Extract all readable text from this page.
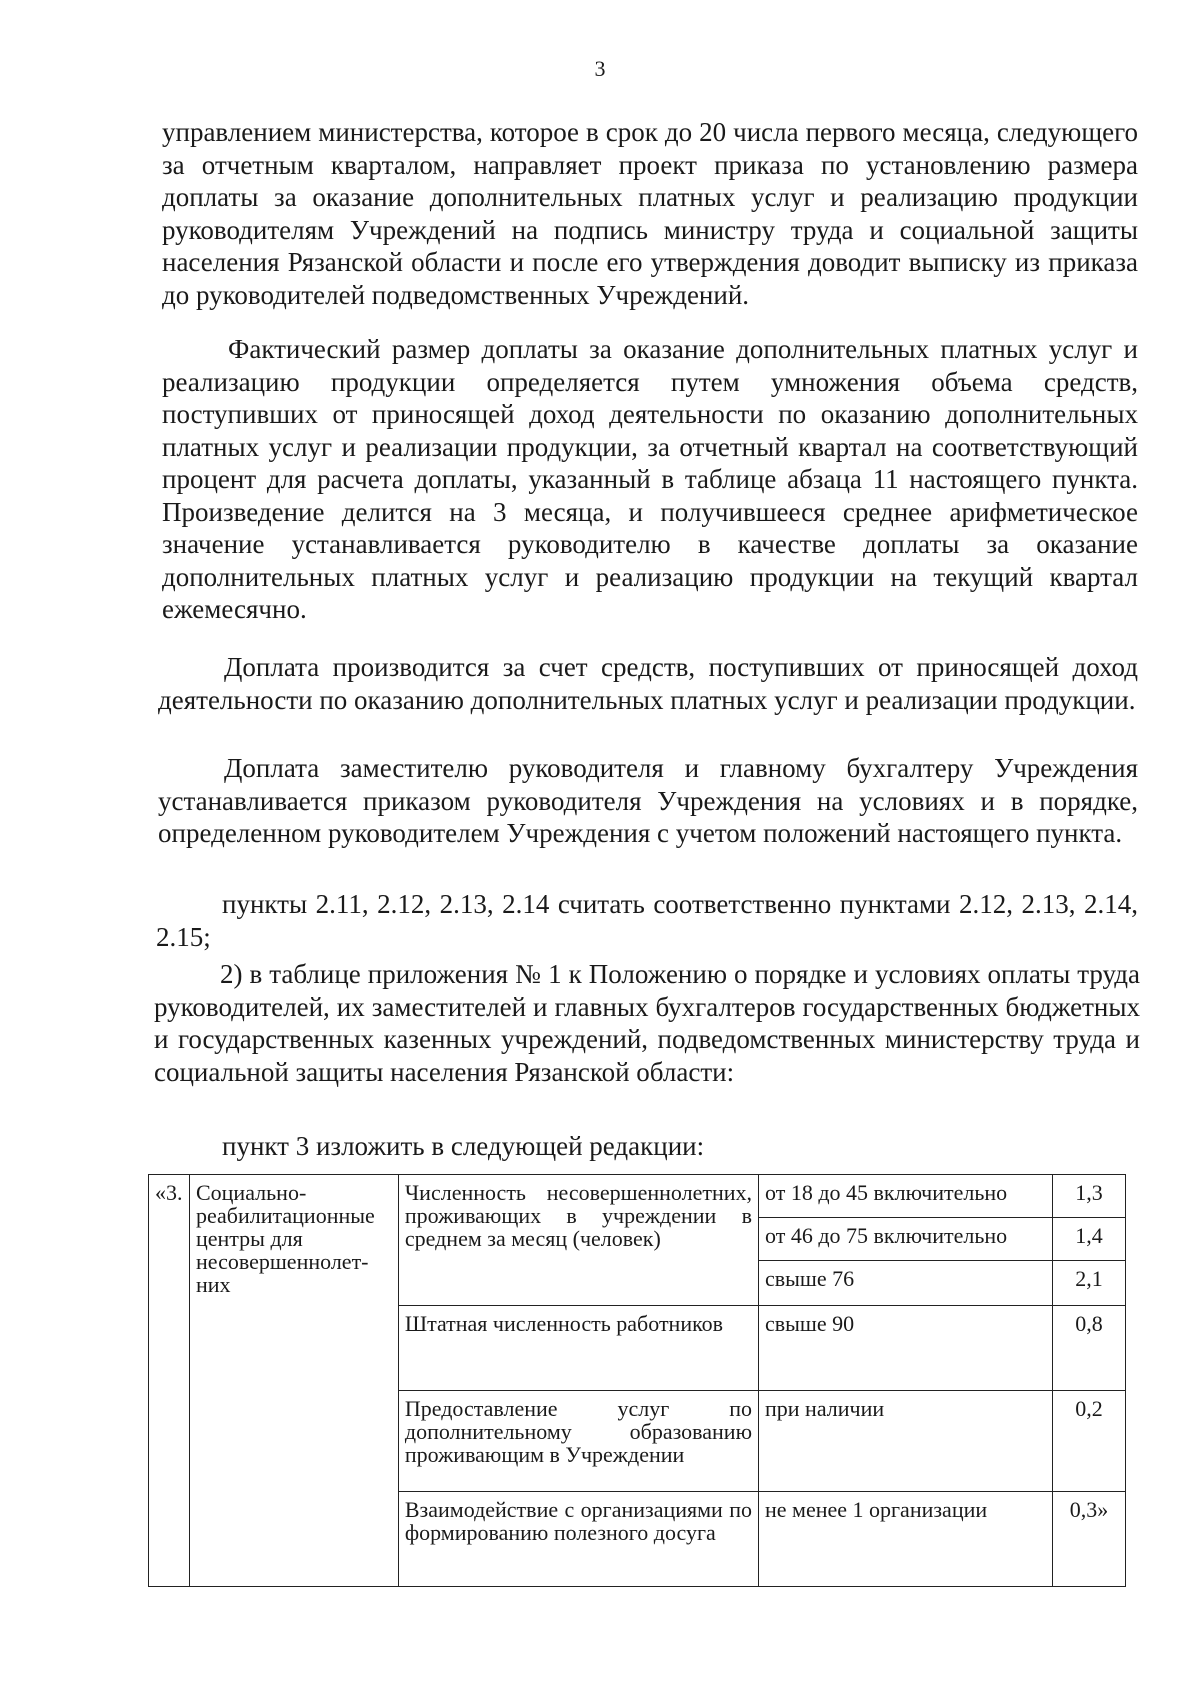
3

управлением министерства, которое в срок до 20 числа первого месяца, следующего за отчетным кварталом, направляет проект приказа по установлению размера доплаты за оказание дополнительных платных услуг и реализацию продукции руководителям Учреждений на подпись министру труда и социальной защиты населения Рязанской области и после его утверждения доводит выписку из приказа до руководителей подведомственных Учреждений.

Фактический размер доплаты за оказание дополнительных платных услуг и реализацию продукции определяется путем умножения объема средств, поступивших от приносящей доход деятельности по оказанию дополнительных платных услуг и реализации продукции, за отчетный квартал на соответствующий процент для расчета доплаты, указанный в таблице абзаца 11 настоящего пункта. Произведение делится на 3 месяца, и получившееся среднее арифметическое значение устанавливается руководителю в качестве доплаты за оказание дополнительных платных услуг и реализацию продукции на текущий квартал ежемесячно.

Доплата производится за счет средств, поступивших от приносящей доход деятельности по оказанию дополнительных платных услуг и реализации продукции.

Доплата заместителю руководителя и главному бухгалтеру Учреждения устанавливается приказом руководителя Учреждения на условиях и в порядке, определенном руководителем Учреждения с учетом положений настоящего пункта.

пункты 2.11, 2.12, 2.13, 2.14 считать соответственно пунктами 2.12, 2.13, 2.14, 2.15;

2) в таблице приложения № 1 к Положению о порядке и условиях оплаты труда руководителей, их заместителей и главных бухгалтеров государственных бюджетных и государственных казенных учреждений, подведомственных министерству труда и социальной защиты населения Рязанской области:

пункт 3 изложить в следующей редакции:

«3.	Социально-реабилитационные центры для несовершеннолет-них	Численность несовершеннолетних, проживающих в учреждении в среднем за месяц (человек)	от 18 до 45 включительно	1,3
			от 46 до 75 включительно	1,4
			свыше 76	2,1
		Штатная численность работников	свыше 90	0,8
		Предоставление услуг по дополнительному образованию проживающим в Учреждении	при наличии	0,2
		Взаимодействие с организациями по формированию полезного досуга	не менее 1 организации	0,3»
